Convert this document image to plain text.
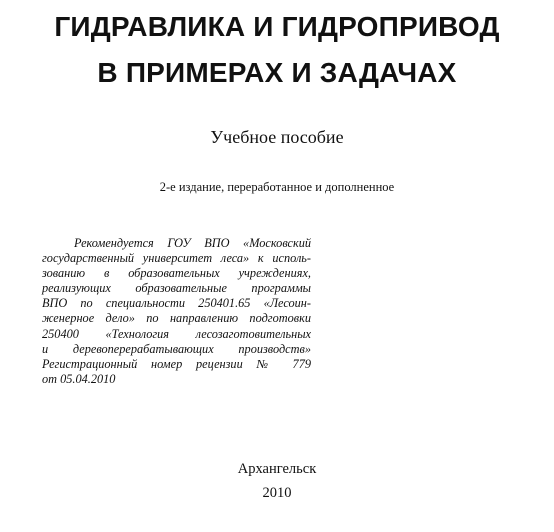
ГИДРАВЛИКА И ГИДРОПРИВОД
В ПРИМЕРАХ И ЗАДАЧАХ
Учебное пособие
2-е издание, переработанное и дополненное
Рекомендуется ГОУ ВПО «Московский
государственный университет леса» к исполь-
зованию в образовательных учреждениях,
реализующих образовательные программы
ВПО по специальности 250401.65 «Лесоин-
женерное дело» по направлению подготовки
250400 «Технология лесозаготовительных
и деревоперерабатывающих производств»
Регистрационный номер рецензии № 779
от 05.04.2010
Архангельск
2010
